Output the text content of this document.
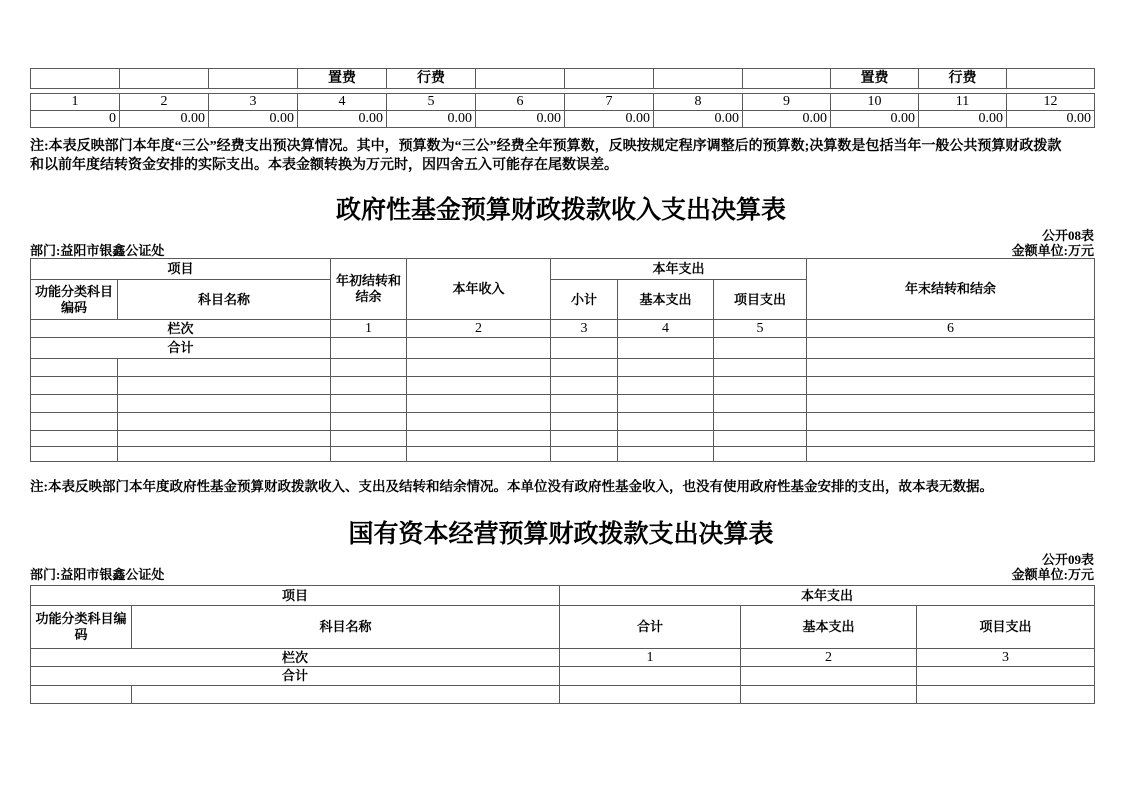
			置费	行费					置费	行费	
1	2	3	4	5	6	7	8	9	10	11	12
0	0.00	0.00	0.00	0.00	0.00	0.00	0.00	0.00	0.00	0.00	0.00
注:本表反映部门本年度“三公”经费支出预决算情况。其中，预算数为“三公”经费全年预算数，反映按规定程序调整后的预算数;决算数是包括当年一般公共预算财政拨款
和以前年度结转资金安排的实际支出。本表金额转换为万元时，因四舍五入可能存在尾数误差。
政府性基金预算财政拨款收入支出决算表
公开08表
部门:益阳市银鑫公证处	金额单位:万元
项目		年初结转和结余	本年收入	本年支出			年末结转和结余
功能分类科目编码	科目名称			小计	基本支出	项目支出	
栏次		1	2	3	4	5	6
合计							

注:本表反映部门本年度政府性基金预算财政拨款收入、支出及结转和结余情况。本单位没有政府性基金收入，也没有使用政府性基金安排的支出，故本表无数据。
国有资本经营预算财政拨款支出决算表
公开09表
部门:益阳市银鑫公证处	金额单位:万元
项目		本年支出		
功能分类科目编码	科目名称	合计	基本支出	项目支出
栏次		1	2	3
合计				
